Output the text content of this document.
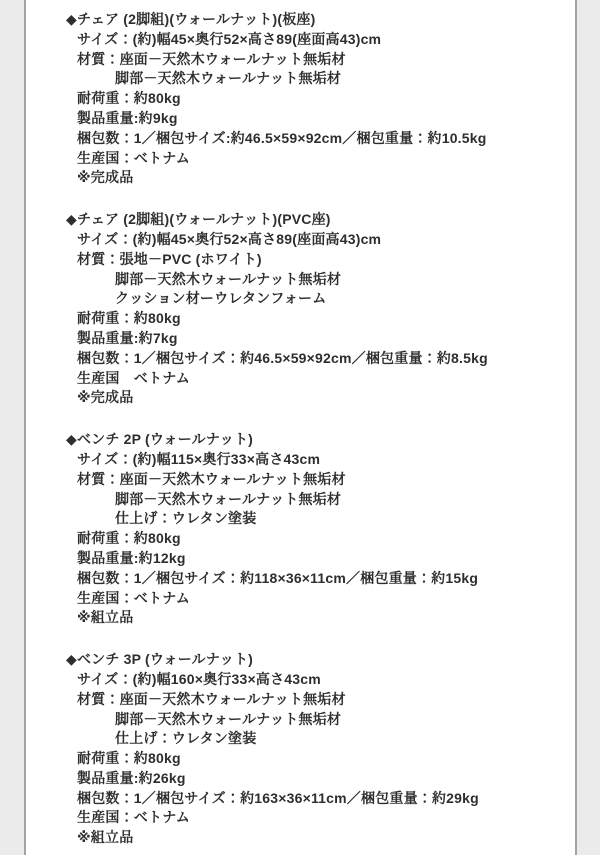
◆チェア (2脚組)(ウォールナット)(板座)
サイズ：(約)幅45×奥行52×高さ89(座面高43)cm
材質：座面－天然木ウォールナット無垢材
脚部－天然木ウォールナット無垢材
耐荷重：約80kg
製品重量:約9kg
梱包数：1／梱包サイズ:約46.5×59×92cm／梱包重量：約10.5kg
生産国：ベトナム
※完成品
◆チェア (2脚組)(ウォールナット)(PVC座)
サイズ：(約)幅45×奥行52×高さ89(座面高43)cm
材質：張地－PVC (ホワイト)
脚部－天然木ウォールナット無垢材
クッション材ーウレタンフォーム
耐荷重：約80kg
製品重量:約7kg
梱包数：1／梱包サイズ：約46.5×59×92cm／梱包重量：約8.5kg
生産国　ベトナム
※完成品
◆ベンチ 2P (ウォールナット)
サイズ：(約)幅115×奥行33×高さ43cm
材質：座面－天然木ウォールナット無垢材
脚部－天然木ウォールナット無垢材
仕上げ：ウレタン塗装
耐荷重：約80kg
製品重量:約12kg
梱包数：1／梱包サイズ：約118×36×11cm／梱包重量：約15kg
生産国：ベトナム
※組立品
◆ベンチ 3P (ウォールナット)
サイズ：(約)幅160×奥行33×高さ43cm
材質：座面－天然木ウォールナット無垢材
脚部－天然木ウォールナット無垢材
仕上げ：ウレタン塗装
耐荷重：約80kg
製品重量:約26kg
梱包数：1／梱包サイズ：約163×36×11cm／梱包重量：約29kg
生産国：ベトナム
※組立品
